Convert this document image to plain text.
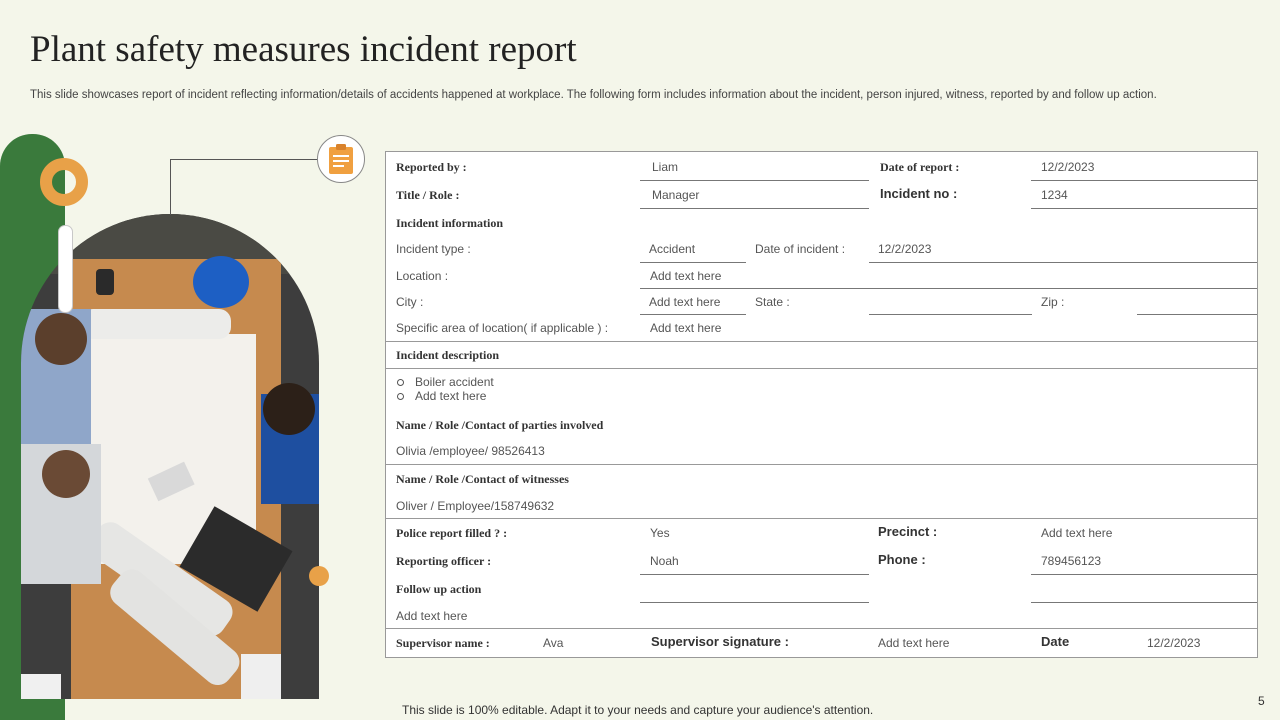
Plant safety measures incident report
This slide showcases report of incident reflecting information/details of accidents happened at workplace. The following form includes information about the incident, person injured, witness, reported by and follow up action.
Reported by :	Liam	Date of report :	12/2/2023
Title / Role :	Manager	Incident no :	1234
Incident information
Incident type :	Accident	Date of incident :	12/2/2023
Location :	Add text here
City :	Add text here	State :	Zip :
Specific area of location( if applicable ) :	Add text here
Incident description
Boiler accident
Add text here
Name / Role /Contact of parties involved
Olivia /employee/ 98526413
Name / Role /Contact of witnesses
Oliver / Employee/158749632
Police report filled ? :	Yes	Precinct :	Add text here
Reporting officer :	Noah	Phone :	789456123
Follow up action
Add text here
Supervisor name :	Ava	Supervisor signature :	Add text here	Date	12/2/2023
This slide is 100% editable. Adapt it to your needs and capture your audience's attention.
5
